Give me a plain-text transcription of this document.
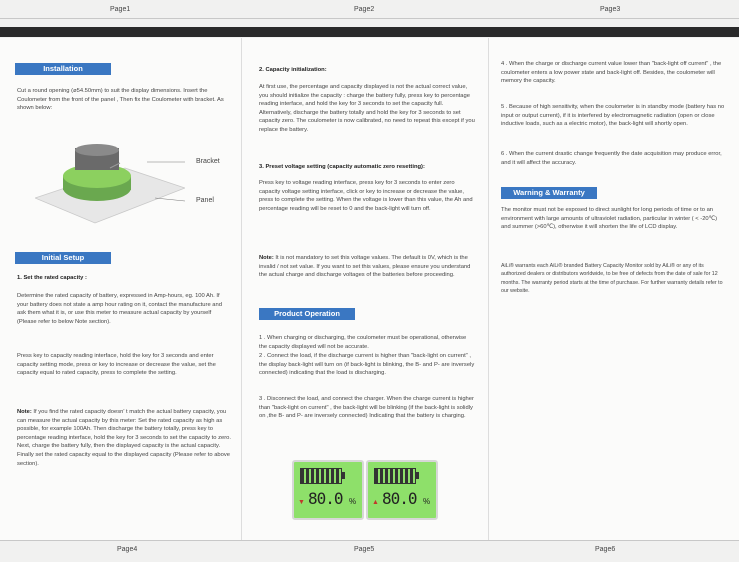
Page1	Page2	Page3
Installation

Cut a round opening (ø54.50mm) to suit the display dimensions. Insert the Coulometer from the front of the panel , Then fix the Coulometer with bracket. As shown below:

Bracket
Panel
Initial Setup
1. Set the rated capacity :

Determine the rated capacity of battery, expressed in Amp-hours, eg. 100 Ah. If your battery does not state a amp hour rating on it, contact the manufacture and ask them what it is, or use this meter to measure actual capacity by yourself (Please refer to below Note section).

Press key to capacity reading interface, hold the key for 3 seconds and enter capacity setting mode, press or key to increase or decrease the value, set the capacity equal to rated capacity, press to complete the setting.

Note: If you find the rated capacity doesn' t match the actual battery capacity, you can measure the actual capacity by this meter: Set the rated capacity as high as possible, for example 100Ah. Then discharge the battery totally, press key to percentage reading interface, hold the key for 3 seconds to set the capacity to zero. Next, charge the battery fully, then the displayed capacity is the actual capacity. Finally set the rated capacity equal to the displayed capacity (Please refer to above section).

2. Capacity initialization:

At first use, the percentage and capacity displayed is not the actual correct value, you should initialize the capacity : charge the battery fully, press key to percentage reading interface, and hold the key for 3 seconds to set the capacity full. Alternatively, discharge the battery totally and hold the key for 3 seconds to set capacity zero. The coulometer is now calibrated, no need to repeat this except if you replace the battery.

3. Preset voltage setting (capacity automatic zero resetting):

Press key to voltage reading interface, press key for 3 seconds to enter zero capacity voltage setting interface, click or key to increase or decrease the value, press to complete the setting. When the voltage is lower than this value, the Ah and percentage reading will be reset to 0 and the back-light will turn off.

Note: It is not mandatory to set this voltage values. The default is 0V, which is the invalid / not set value. If you want to set this values, please ensure you understand the actual charge and discharge voltages of the batteries before proceeding.

Product Operation

1 . When charging or discharging, the coulometer must be operational, otherwise the capacity displayed will not be accurate.

2 . Connect the load, if the discharge current is higher than "back-light on current" , the display back-light will turn on (if back-light is blinking, the B- and P- are inversely connected) indicating that the load is discharging.

3 . Disconnect the load, and connect the charger. When the charge current is higher than "back-light on current" , the back-light will be blinking (if the back-light is solidly on ,the B- and P- are inversely connected) Indicating that the battery is charging.

▼ 80.0 % ▲ 80.0 %

4 . When the charge or discharge current value lower than "back-light off current" , the coulometer enters a low power state and back-light off. Besides, the coulometer will memory the capacity.

5 . Because of high sensitivity, when the coulometer is in standby mode (battery has no input or output current), if it is interfered by electromagnetic radiation (open or close inductive loads, such as a electric motor), the back-light will shortly open.

6 . When the current drastic change frequently the date acquisition may produce error, and it will affect the accuracy.

Warning & Warranty

The monitor must not be exposed to direct sunlight for long periods of time or to an environment with large amounts of ultraviolet radiation, particular in winter ( < -20℃) and summer (>60℃), otherwise it will shorten the life of LCD display.

AiLi® warrants each AiLi® branded Battery Capacity Monitor sold by AiLi® or any of its authorized dealers or distributors worldwide, to be free of defects from the date of sale for 12 months. The warranty period starts at the time of purchase. For further warranty details refer to our website.

Page4	Page5	Page6
